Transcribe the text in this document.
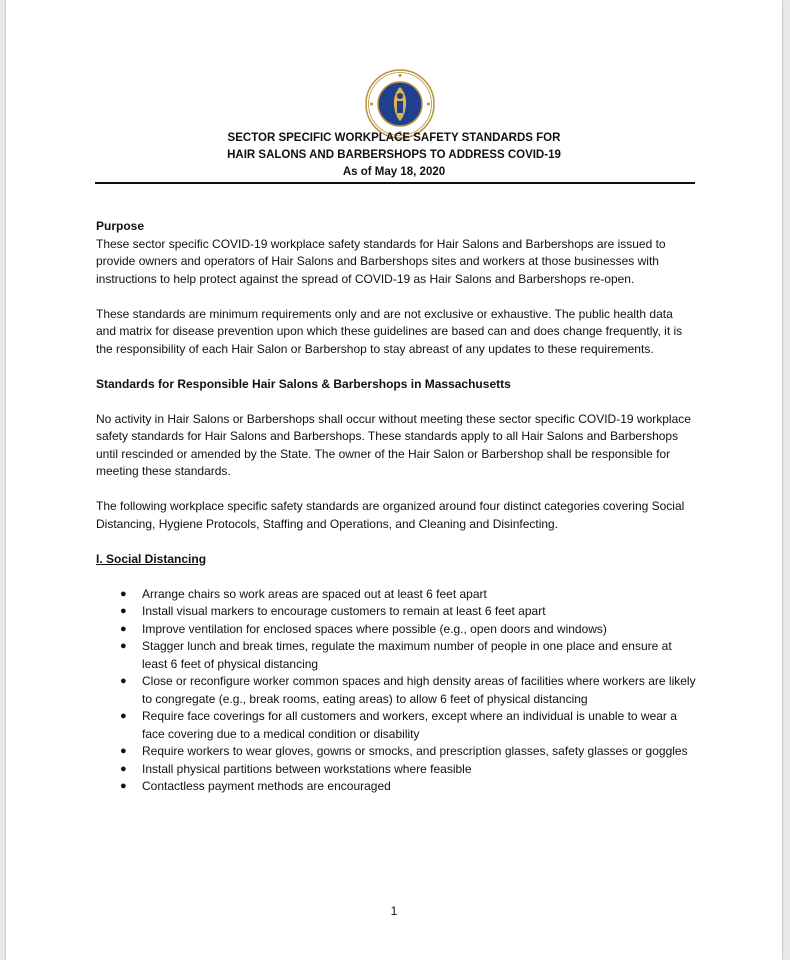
SECTOR SPECIFIC WORKPLACE SAFETY STANDARDS FOR
HAIR SALONS AND BARBERSHOPS TO ADDRESS COVID-19
As of May 18, 2020

Purpose

These sector specific COVID-19 workplace safety standards for Hair Salons and Barbershops are issued to provide owners and operators of Hair Salons and Barbershops sites and workers at those businesses with instructions to help protect against the spread of COVID-19 as Hair Salons and Barbershops re-open.

These standards are minimum requirements only and are not exclusive or exhaustive. The public health data and matrix for disease prevention upon which these guidelines are based can and does change frequently, it is the responsibility of each Hair Salon or Barbershop to stay abreast of any updates to these requirements.

Standards for Responsible Hair Salons & Barbershops in Massachusetts

No activity in Hair Salons or Barbershops shall occur without meeting these sector specific COVID-19 workplace safety standards for Hair Salons and Barbershops. These standards apply to all Hair Salons and Barbershops until rescinded or amended by the State. The owner of the Hair Salon or Barbershop shall be responsible for meeting these standards.

The following workplace specific safety standards are organized around four distinct categories covering Social Distancing, Hygiene Protocols, Staffing and Operations, and Cleaning and Disinfecting.

I. Social Distancing

● Arrange chairs so work areas are spaced out at least 6 feet apart
● Install visual markers to encourage customers to remain at least 6 feet apart
● Improve ventilation for enclosed spaces where possible (e.g., open doors and windows)
● Stagger lunch and break times, regulate the maximum number of people in one place and ensure at least 6 feet of physical distancing
● Close or reconfigure worker common spaces and high density areas of facilities where workers are likely to congregate (e.g., break rooms, eating areas) to allow 6 feet of physical distancing
● Require face coverings for all customers and workers, except where an individual is unable to wear a face covering due to a medical condition or disability
● Require workers to wear gloves, gowns or smocks, and prescription glasses, safety glasses or goggles
● Install physical partitions between workstations where feasible
● Contactless payment methods are encouraged
1
